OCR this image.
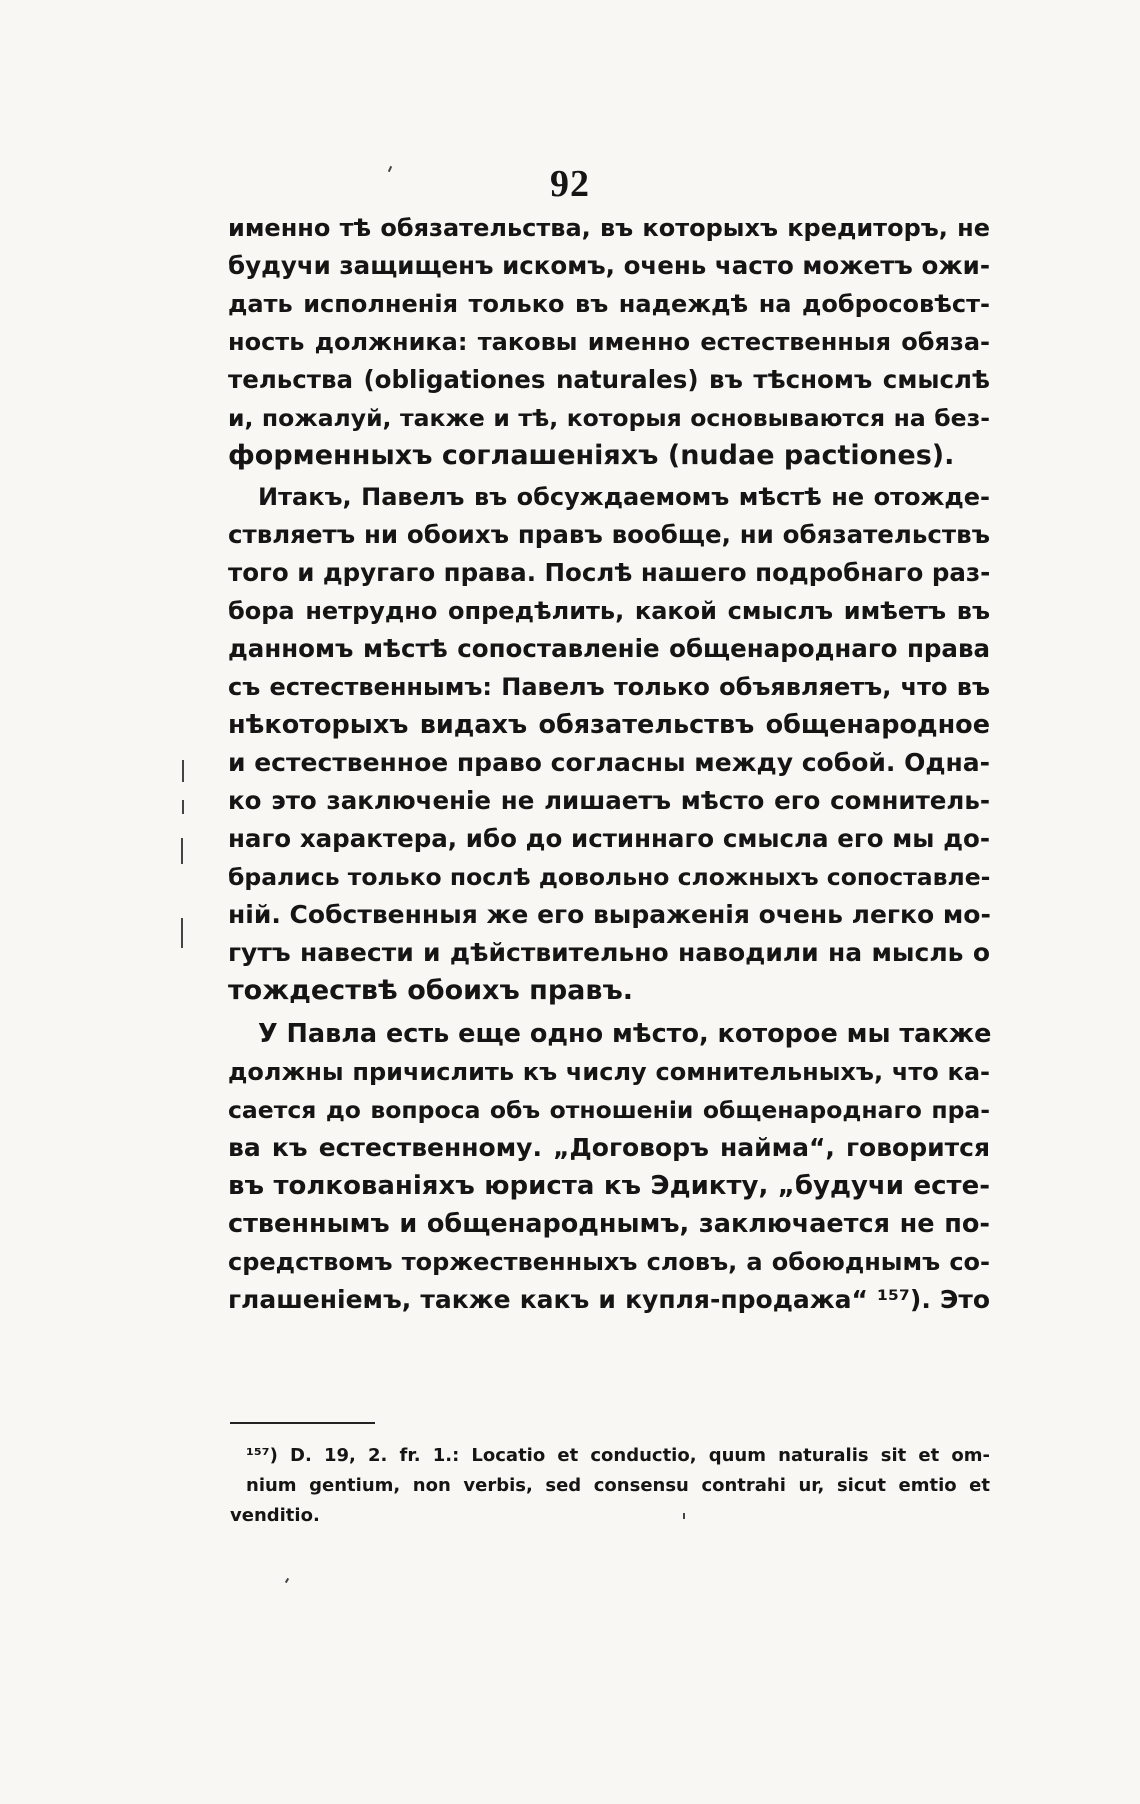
92
именно тѣ обязательства, въ которыхъ кредиторъ, не
будучи защищенъ искомъ, очень часто можетъ ожи-
дать исполненія только въ надеждѣ на добросовѣст-
ность должника: таковы именно естественныя обяза-
тельства (obligationes naturales) въ тѣсномъ смыслѣ
и, пожалуй, также и тѣ, которыя основываются на без-
формeнныхъ соглашеніяхъ (nudae pactiones).
Итакъ, Павелъ въ обсуждаемомъ мѣстѣ не отожде-
ствляетъ ни обоихъ правъ вообще, ни обязательствъ
того и другаго права. Послѣ нашего подробнаго раз-
бора нетрудно опредѣлить, какой смыслъ имѣетъ въ
данномъ мѣстѣ сопоставленіе общенароднаго права
съ естественнымъ: Павелъ только объявляетъ, что въ
нѣкоторыхъ видахъ обязательствъ общенародное
и естественное право согласны между собой. Одна-
ко это заключеніе не лишаетъ мѣсто его сомнитель-
наго характера, ибо до истиннаго смысла его мы до-
брались только послѣ довольно сложныхъ сопоставле-
ній. Собственныя же его выраженія очень легко мо-
гутъ навести и дѣйствительно наводили на мысль о
тождествѣ обоихъ правъ.
У Павла есть еще одно мѣсто, которое мы также
должны причислить къ числу сомнительныхъ, что ка-
сается до вопроса объ отношеніи общенароднаго пра-
ва къ естественному. „Договоръ найма“, говорится
въ толкованіяхъ юриста къ Эдикту, „будучи есте-
ственнымъ и общенароднымъ, заключается не по-
средствомъ торжественныхъ словъ, а обоюднымъ со-
глашеніемъ, также какъ и купля-продажа“ ¹⁵⁷). Это
¹⁵⁷) D. 19, 2. fr. 1.: Locatio et conductio, quum naturalis sit et om-
nium gentium, non verbis, sed consensu contrahi ur, sicut emtio et
venditio.
